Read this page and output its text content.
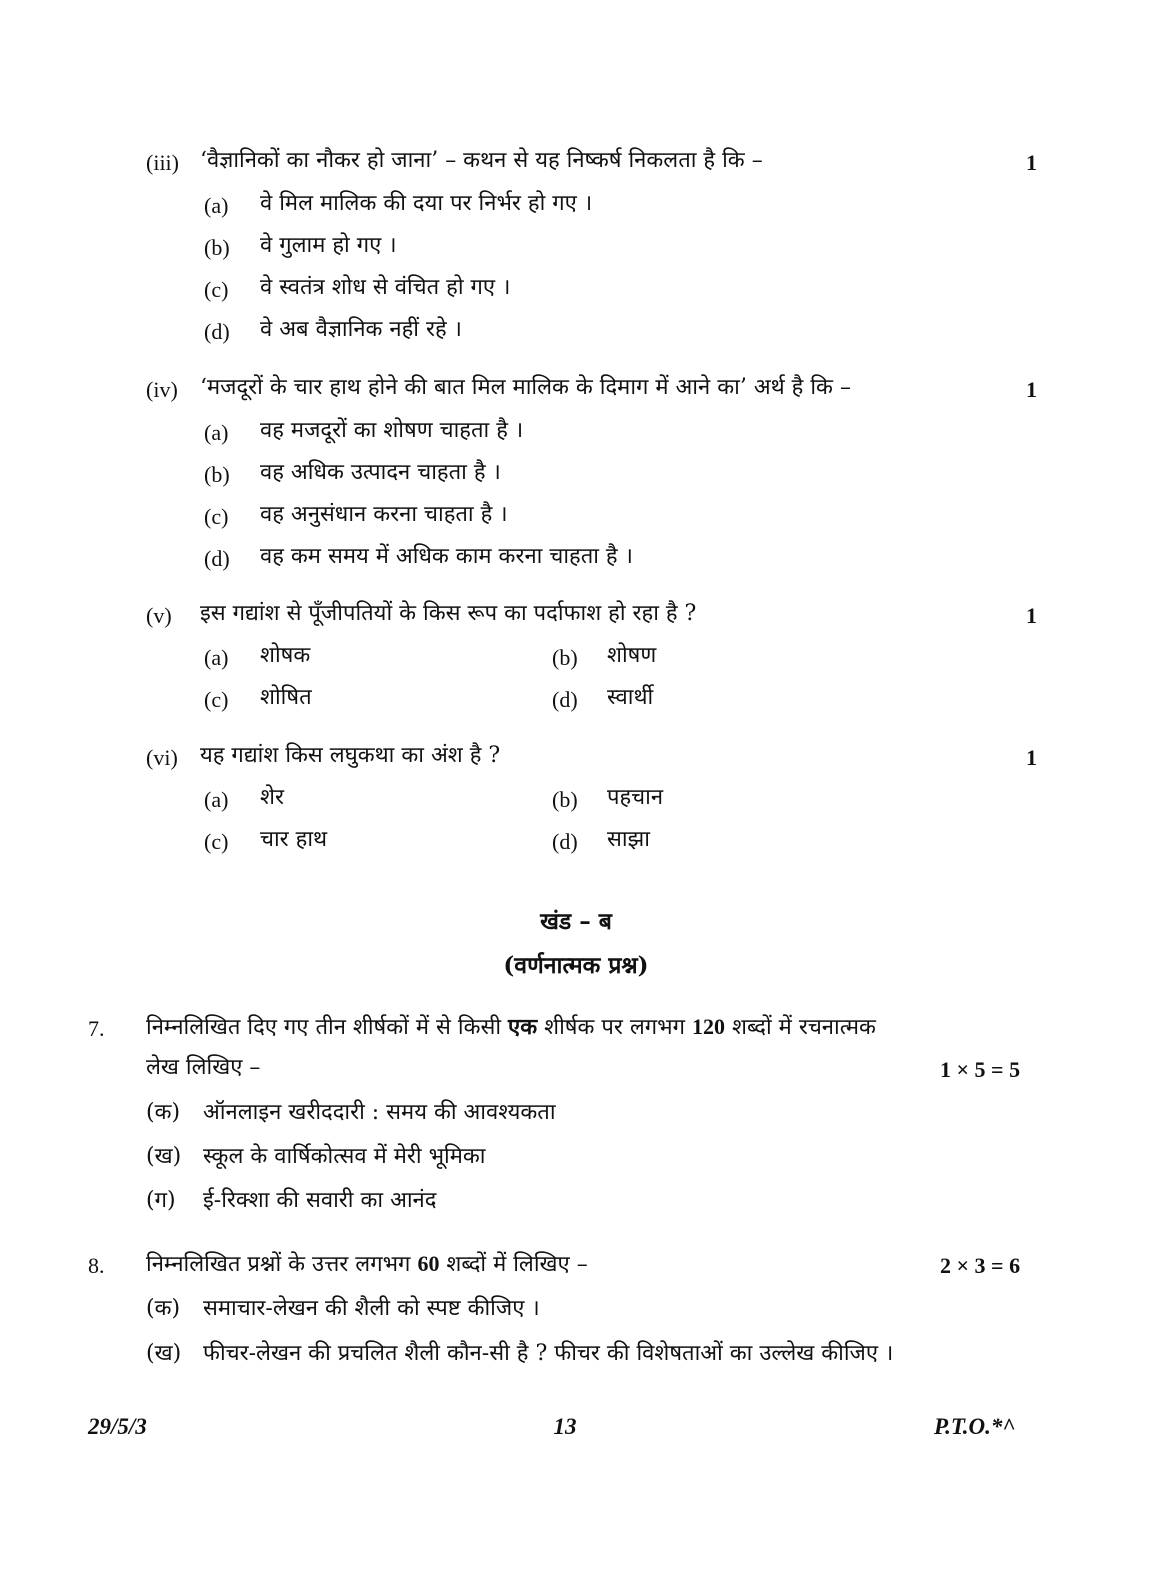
(iii) ‘वैज्ञानिकों का नौकर हो जाना’ – कथन से यह निष्कर्ष निकलता है कि –	1
(a) वे मिल मालिक की दया पर निर्भर हो गए ।
(b) वे गुलाम हो गए ।
(c) वे स्वतंत्र शोध से वंचित हो गए ।
(d) वे अब वैज्ञानिक नहीं रहे ।
(iv) ‘मजदूरों के चार हाथ होने की बात मिल मालिक के दिमाग में आने का’ अर्थ है कि –	1
(a) वह मजदूरों का शोषण चाहता है ।
(b) वह अधिक उत्पादन चाहता है ।
(c) वह अनुसंधान करना चाहता है ।
(d) वह कम समय में अधिक काम करना चाहता है ।
(v) इस गद्यांश से पूँजीपतियों के किस रूप का पर्दाफाश हो रहा है ?	1
(a) शोषक	(b) शोषण
(c) शोषित	(d) स्वार्थी
(vi) यह गद्यांश किस लघुकथा का अंश है ?	1
(a) शेर	(b) पहचान
(c) चार हाथ	(d) साझा
खंड – ब
(वर्णनात्मक प्रश्न)
7. निम्नलिखित दिए गए तीन शीर्षकों में से किसी एक शीर्षक पर लगभग 120 शब्दों में रचनात्मक
लेख लिखिए –	1 × 5 = 5
(क) ऑनलाइन खरीददारी : समय की आवश्यकता
(ख) स्कूल के वार्षिकोत्सव में मेरी भूमिका
(ग) ई-रिक्शा की सवारी का आनंद
8. निम्नलिखित प्रश्नों के उत्तर लगभग 60 शब्दों में लिखिए –	2 × 3 = 6
(क) समाचार-लेखन की शैली को स्पष्ट कीजिए ।
(ख) फीचर-लेखन की प्रचलित शैली कौन-सी है ? फीचर की विशेषताओं का उल्लेख कीजिए ।
29/5/3	13	P.T.O.*^
